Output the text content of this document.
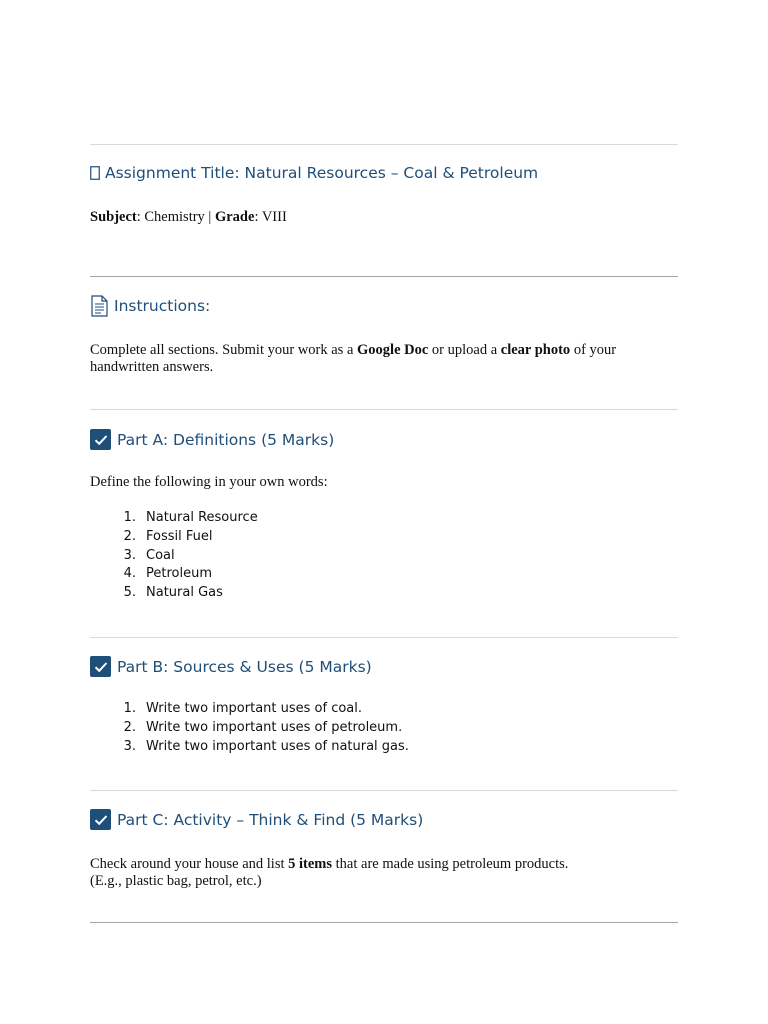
Assignment Title: Natural Resources – Coal & Petroleum
Subject: Chemistry | Grade: VIII
Instructions:
Complete all sections. Submit your work as a Google Doc or upload a clear photo of your handwritten answers.
Part A: Definitions (5 Marks)
Define the following in your own words:
1. Natural Resource
2. Fossil Fuel
3. Coal
4. Petroleum
5. Natural Gas
Part B: Sources & Uses (5 Marks)
1. Write two important uses of coal.
2. Write two important uses of petroleum.
3. Write two important uses of natural gas.
Part C: Activity – Think & Find (5 Marks)
Check around your house and list 5 items that are made using petroleum products.
(E.g., plastic bag, petrol, etc.)
